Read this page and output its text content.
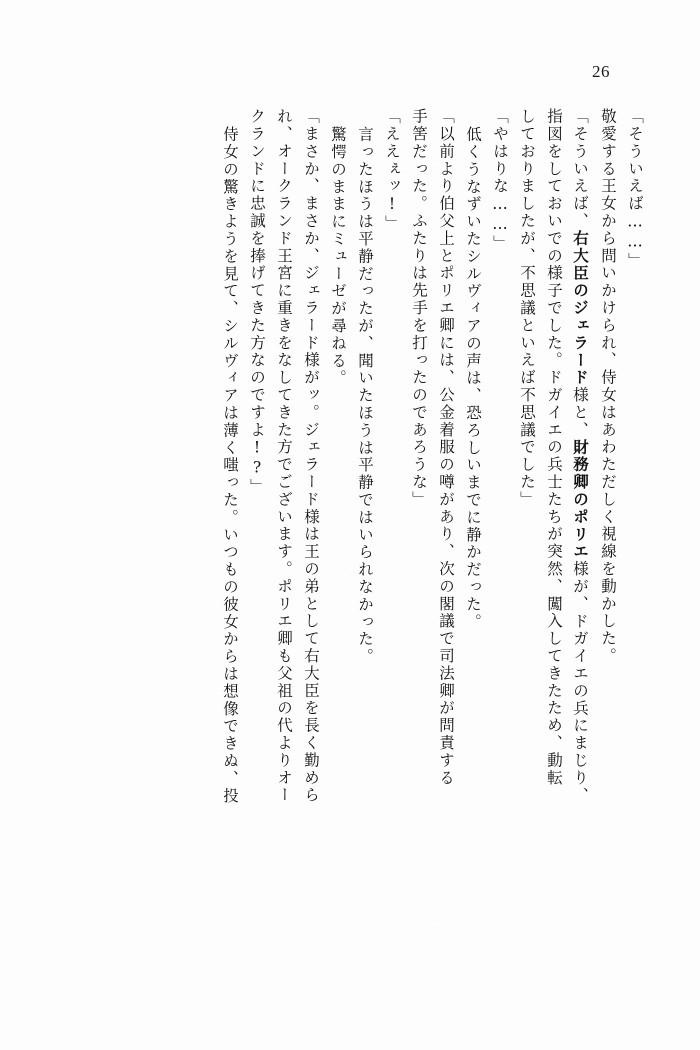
26
「そういえば……」
敬愛する王女から問いかけられ、侍女はあわただしく視線を動かした。
「そういえば、右大臣のジェラード様と、財務卿のポリエ様が、ドガイエの兵にまじり、
指図をしておいでの様子でした。ドガイエの兵士たちが突然、闖入してきたため、動転
しておりましたが、不思議といえば不思議でした」
「やはりな……」
低くうなずいたシルヴィアの声は、恐ろしいまでに静かだった。
「以前より伯父上とポリエ卿には、公金着服の噂があり、次の閣議で司法卿が問責する
手筈だった。ふたりは先手を打ったのであろうな」
「ええぇッ!」
言ったほうは平静だったが、聞いたほうは平静ではいられなかった。
驚愕のままにミューゼが尋ねる。
「まさか、まさか、ジェラード様がッ。ジェラード様は王の弟として右大臣を長く勤めら
れ、オークランド王宮に重きをなしてきた方でございます。ポリエ卿も父祖の代よりオー
クランドに忠誠を捧げてきた方なのですよ!?」
侍女の驚きようを見て、シルヴィアは薄く嗤った。いつもの彼女からは想像できぬ、投
